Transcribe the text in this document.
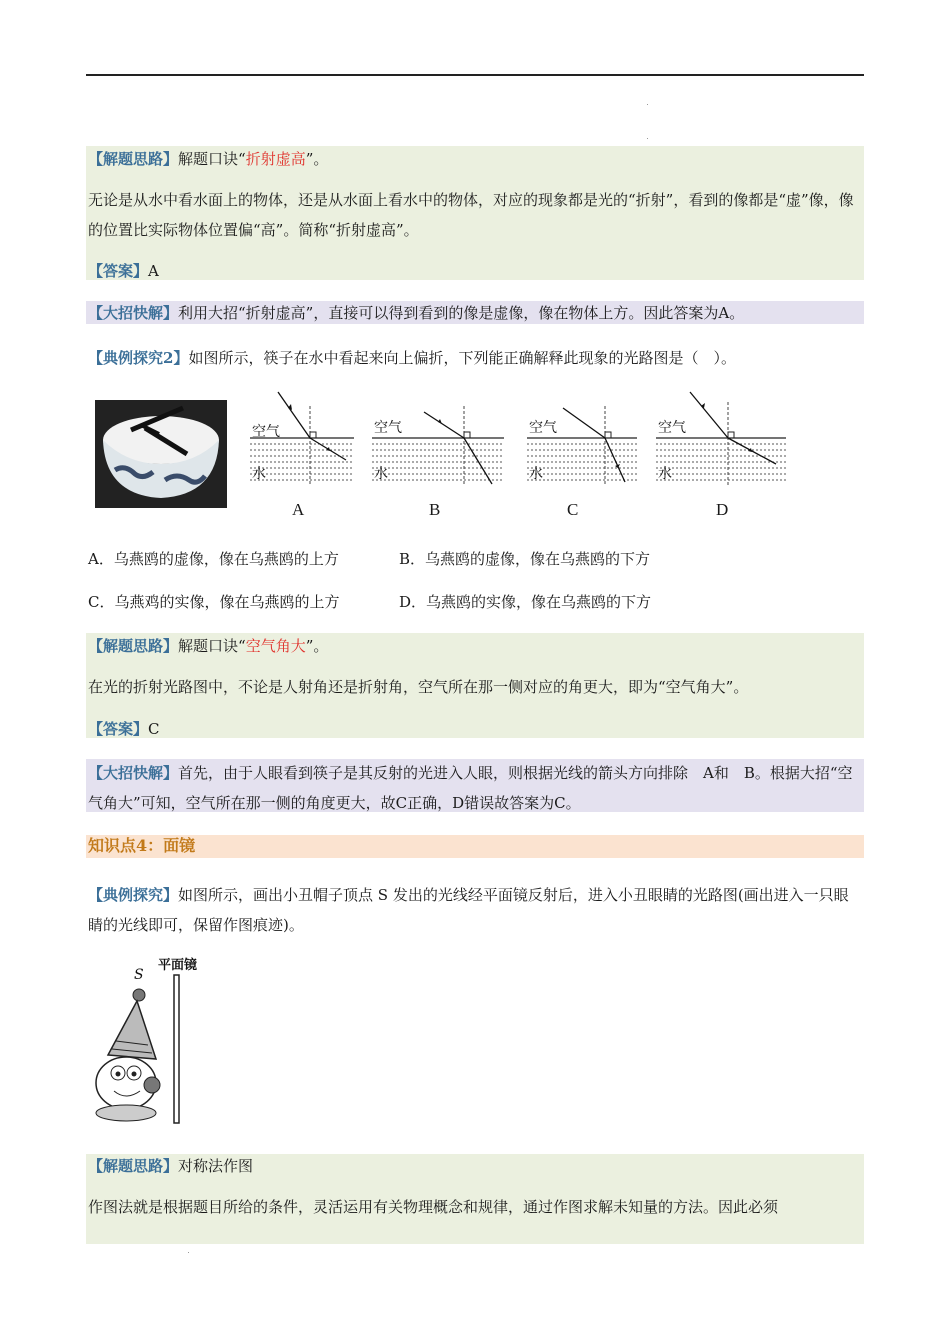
【解题思路】解题口诀“折射虚高”。
无论是从水中看水面上的物体，还是从水面上看水中的物体，对应的现象都是光的“折射”，看到的像都是“虚”像，像的位置比实际物体位置偏“高”。简称“折射虚高”。
【答案】A
【大招快解】利用大招“折射虚高”，直接可以得到看到的像是虚像，像在物体上方。因此答案为A。
【典例探究2】如图所示，筷子在水中看起来向上偏折，下列能正确解释此现象的光路图是（　）。
空气
水
A
空气
水
B
空气
水
C
空气
水
D
A．乌燕鸥的虚像，像在乌燕鸥的上方	B．乌燕鸥的虚像，像在乌燕鸥的下方
C．乌燕鸡的实像，像在乌燕鸥的上方	D．乌燕鸥的实像，像在乌燕鸥的下方
【解题思路】解题口诀“空气角大”。
在光的折射光路图中，不论是人射角还是折射角，空气所在那一侧对应的角更大，即为“空气角大”。
【答案】C
【大招快解】首先，由于人眼看到筷子是其反射的光进入人眼，则根据光线的箭头方向排除　A和　B。根据大招“空气角大”可知，空气所在那一侧的角度更大，故C正确，D错误故答案为C。
知识点4：面镜
【典例探究】如图所示，画出小丑帽子顶点 S 发出的光线经平面镜反射后，进入小丑眼睛的光路图(画出进入一只眼睛的光线即可，保留作图痕迹)。
平面镜
S
【解题思路】对称法作图
作图法就是根据题目所给的条件，灵活运用有关物理概念和规律，通过作图求解未知量的方法。因此必须
